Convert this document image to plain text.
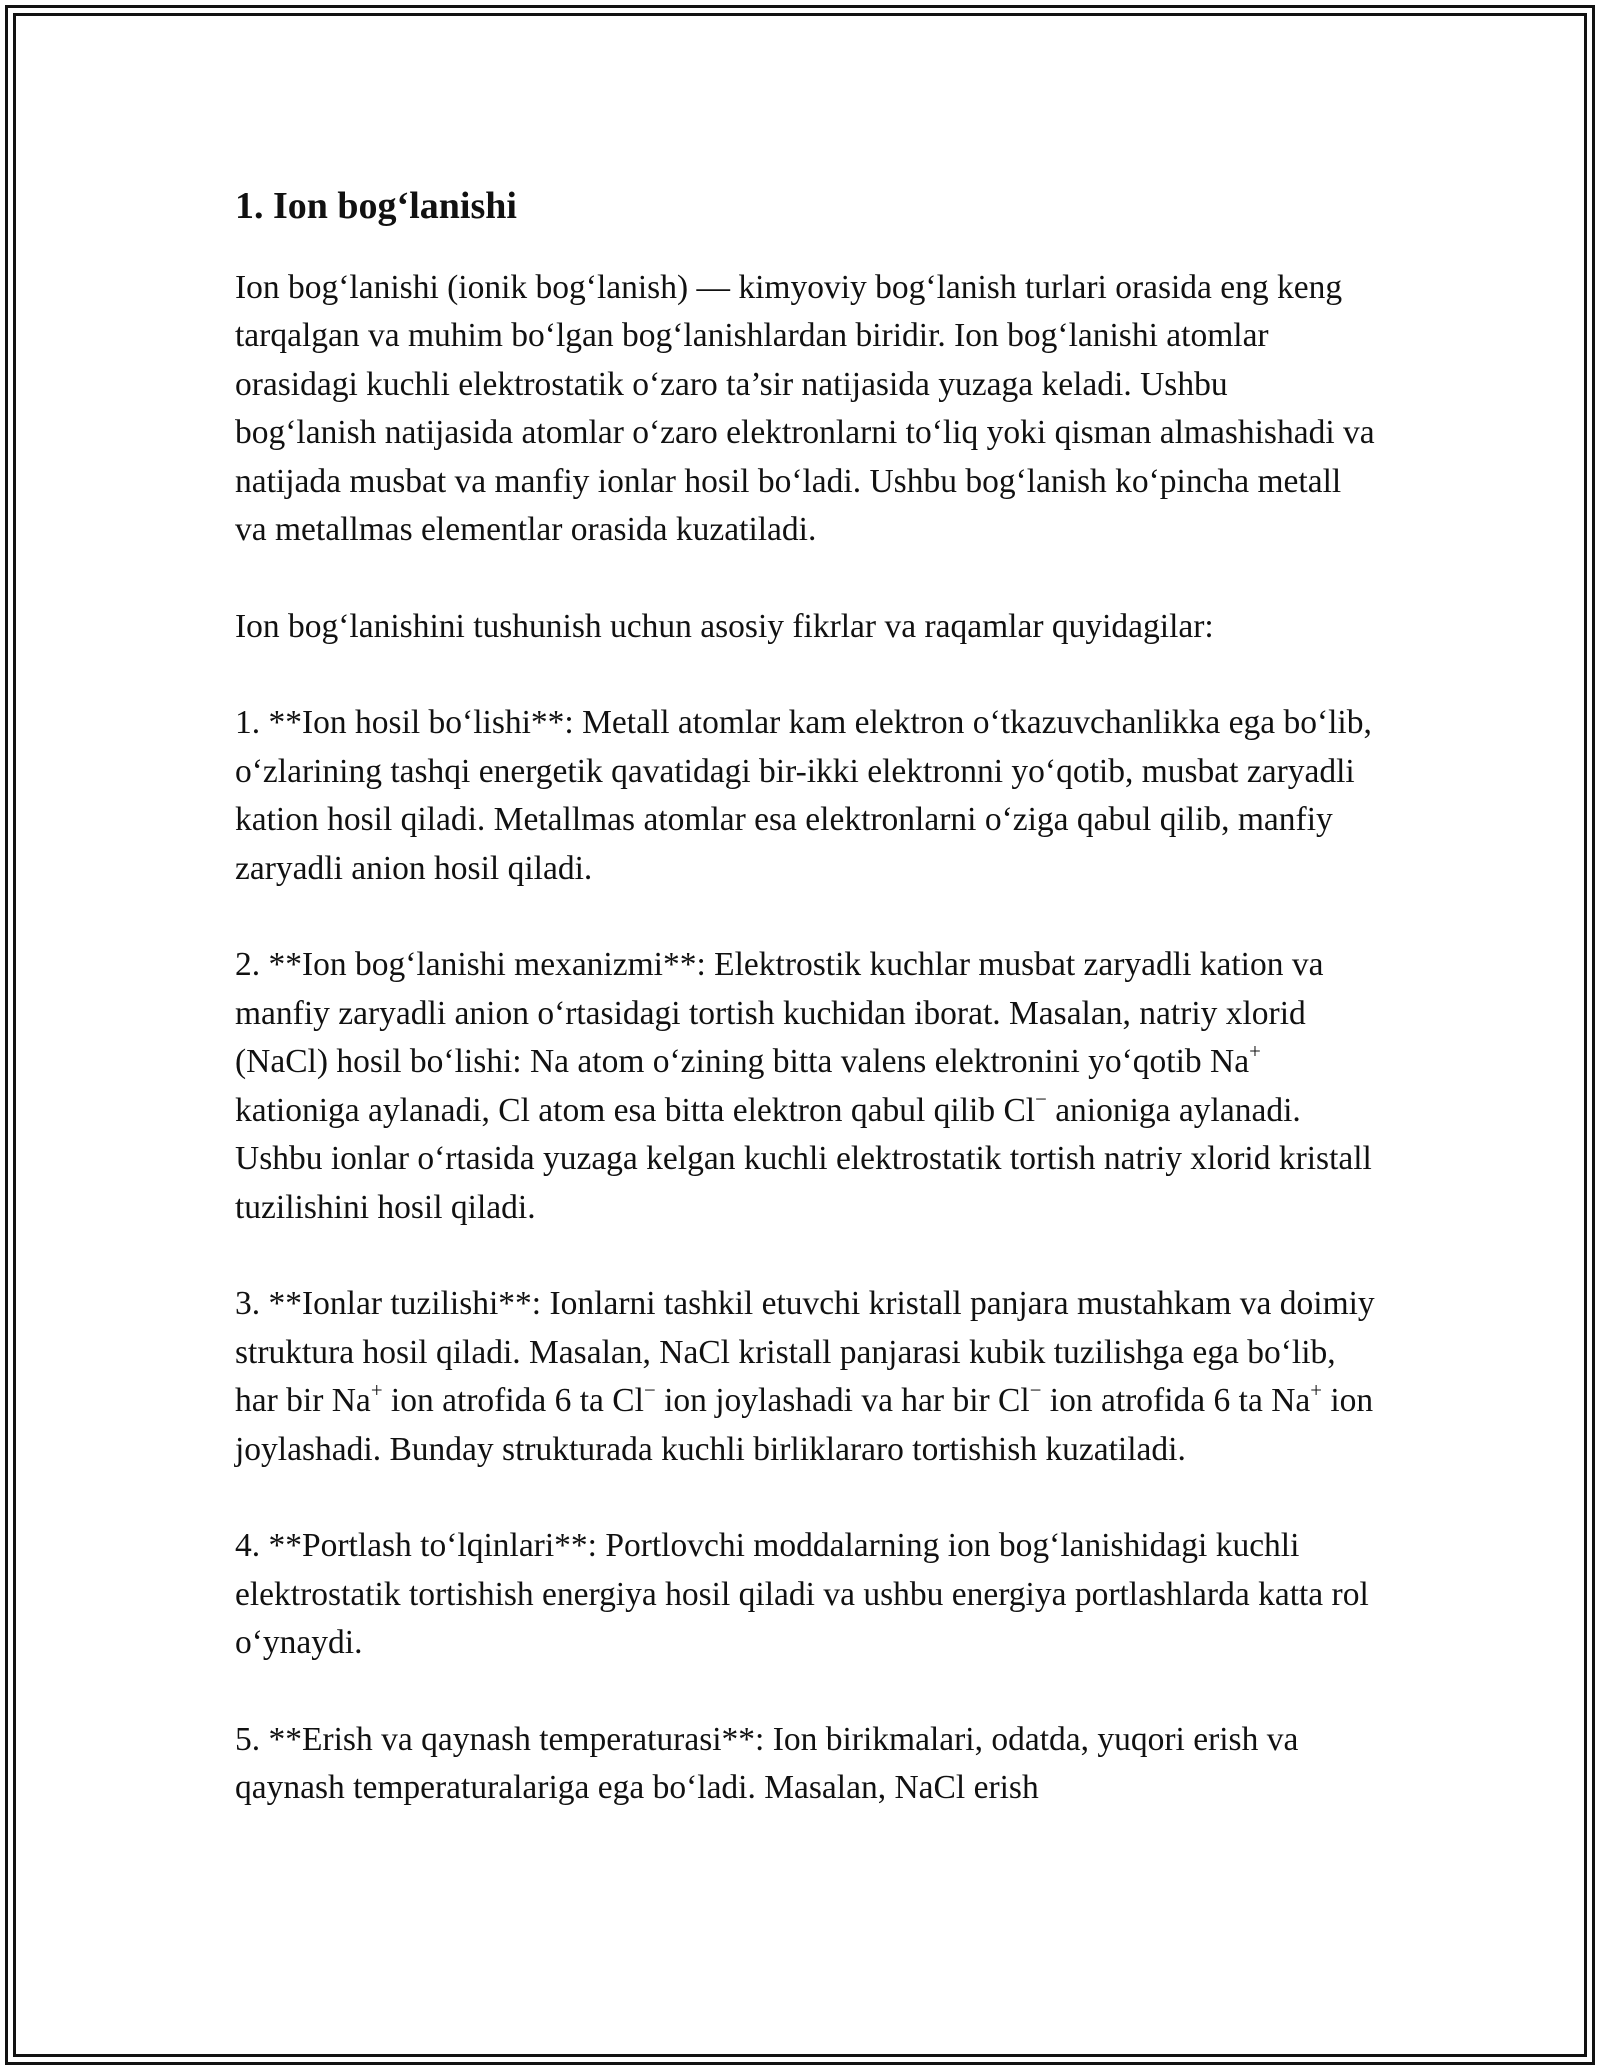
1. Ion bog‘lanishi

Ion bog‘lanishi (ionik bog‘lanish) — kimyoviy bog‘lanish turlari orasida eng keng tarqalgan va muhim bo‘lgan bog‘lanishlardan biridir. Ion bog‘lanishi atomlar orasidagi kuchli elektrostatik o‘zaro ta’sir natijasida yuzaga keladi. Ushbu bog‘lanish natijasida atomlar o‘zaro elektronlarni to‘liq yoki qisman almashishadi va natijada musbat va manfiy ionlar hosil bo‘ladi. Ushbu bog‘lanish ko‘pincha metall va metallmas elementlar orasida kuzatiladi.

Ion bog‘lanishini tushunish uchun asosiy fikrlar va raqamlar quyidagilar:

1. **Ion hosil bo‘lishi**: Metall atomlar kam elektron o‘tkazuvchanlikka ega bo‘lib, o‘zlarining tashqi energetik qavatidagi bir-ikki elektronni yo‘qotib, musbat zaryadli kation hosil qiladi. Metallmas atomlar esa elektronlarni o‘ziga qabul qilib, manfiy zaryadli anion hosil qiladi.

2. **Ion bog‘lanishi mexanizmi**: Elektrostik kuchlar musbat zaryadli kation va manfiy zaryadli anion o‘rtasidagi tortish kuchidan iborat. Masalan, natriy xlorid (NaCl) hosil bo‘lishi: Na atom o‘zining bitta valens elektronini yo‘qotib Na+ kationiga aylanadi, Cl atom esa bitta elektron qabul qilib Cl− anioniga aylanadi. Ushbu ionlar o‘rtasida yuzaga kelgan kuchli elektrostatik tortish natriy xlorid kristall tuzilishini hosil qiladi.

3. **Ionlar tuzilishi**: Ionlarni tashkil etuvchi kristall panjara mustahkam va doimiy struktura hosil qiladi. Masalan, NaCl kristall panjarasi kubik tuzilishga ega bo‘lib, har bir Na+ ion atrofida 6 ta Cl− ion joylashadi va har bir Cl− ion atrofida 6 ta Na+ ion joylashadi. Bunday strukturada kuchli birliklararo tortishish kuzatiladi.

4. **Portlash to‘lqinlari**: Portlovchi moddalarning ion bog‘lanishidagi kuchli elektrostatik tortishish energiya hosil qiladi va ushbu energiya portlashlarda katta rol o‘ynaydi.

5. **Erish va qaynash temperaturasi**: Ion birikmalari, odatda, yuqori erish va qaynash temperaturalariga ega bo‘ladi. Masalan, NaCl erish
